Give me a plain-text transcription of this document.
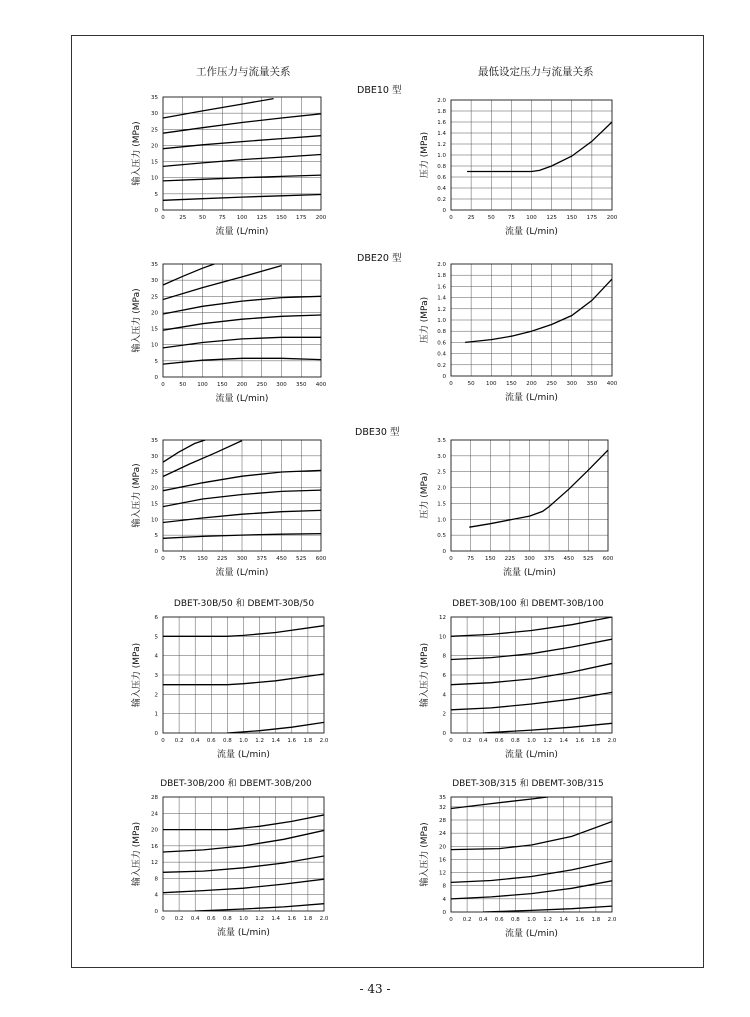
工作压力与流量关系	最低设定压力与流量关系
DBE10 型
DBE20 型
DBE30 型
0	25 50 75 100 125 150 175 200
0
5
10
15
20
25
30
35
流量 (L/min)
输入压力 (MPa)
0	25 50 75 100 125 150 175 200
0
0.2
0.4
0.6
0.8
1.0
1.2
1.4
1.6
1.8
2.0
流量 (L/min)
压力 (MPa)
0	50 100 150 200 250 300 350 400
0
5
10
15
20
25
30
35
流量 (L/min)
输入压力 (MPa)
0	50 100 150 200 250 300 350 400
0
0.2
0.4
0.6
0.8
1.0
1.2
1.4
1.6
1.8
2.0
流量 (L/min)
压力 (MPa)
0	75 150 225 300 375 450 525 600
0
5
10
15
20
25
30
35
流量 (L/min)
输入压力 (MPa)
0	75 150 225 300 375 450 525 600
0
0.5
1.0
1.5
2.0
2.5
3.0
3.5
流量 (L/min)
压力 (MPa)
0 0.2 0.4 0.6 0.8 1.0 1.2 1.4 1.6 1.8 2.0
0
1
2
3
4
5
6
流量 (L/min)
输入压力 (MPa)
DBET-30B/50 和 DBEMT-30B/50
0 0.2 0.4 0.6 0.8 1.0 1.2 1.4 1.6 1.8 2.0
0
2
4
6
8
10
12
流量 (L/min)
输入压力 (MPa)
DBET-30B/100 和 DBEMT-30B/100
0 0.2 0.4 0.6 0.8 1.0 1.2 1.4 1.6 1.8 2.0
0
4
8
12
16
20
24
28
流量 (L/min)
输入压力 (MPa)
DBET-30B/200 和 DBEMT-30B/200
0 0.2 0.4 0.6 0.8 1.0 1.2 1.4 1.6 1.8 2.0
0
4
8
12
16
20
24
28
32
35
流量 (L/min)
输入压力 (MPa)
DBET-30B/315 和 DBEMT-30B/315
- 43 -
